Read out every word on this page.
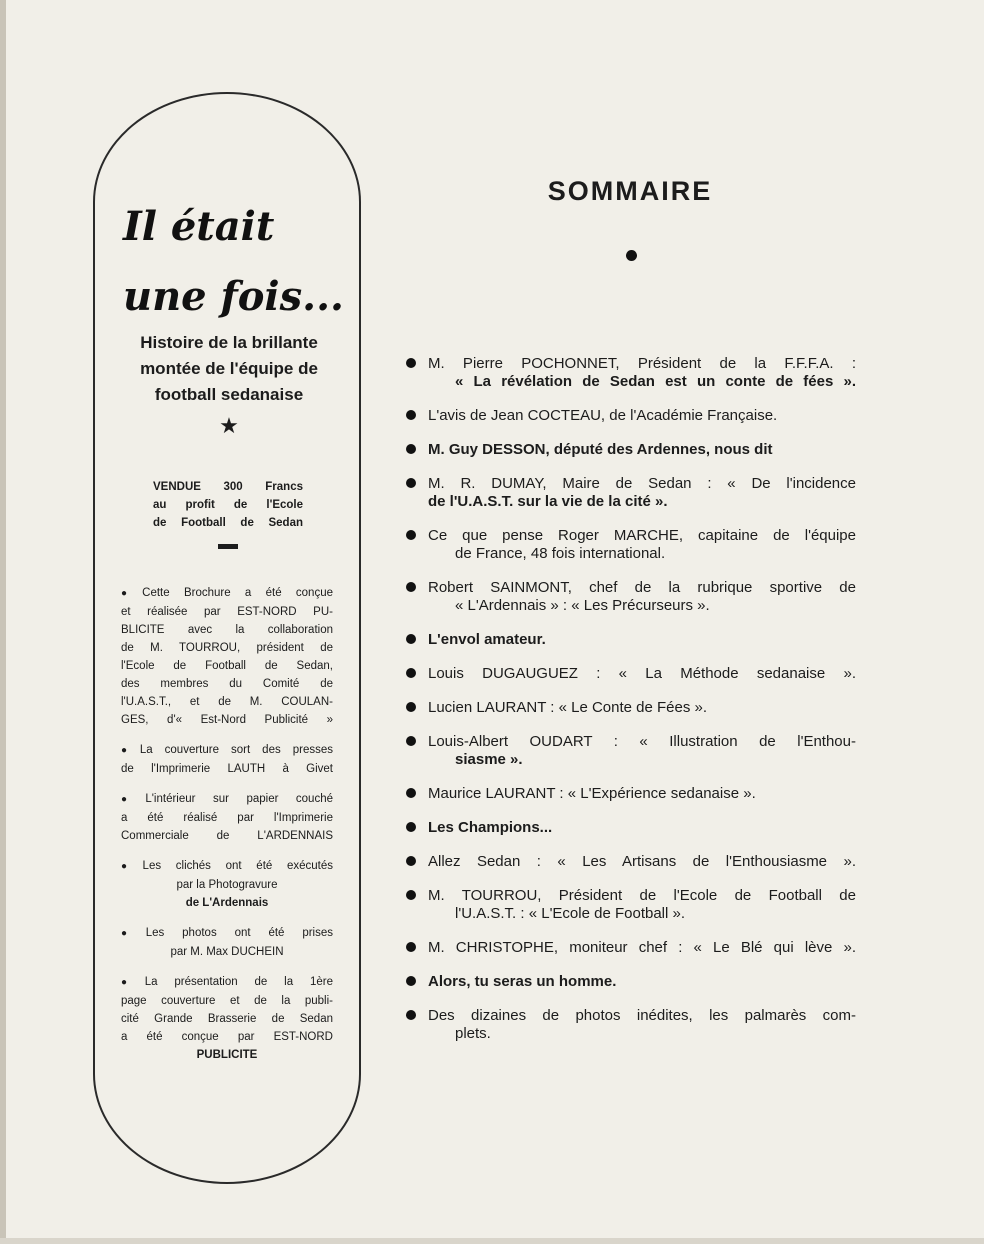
Il était
une fois...
Histoire de la brillante
montée de l'équipe de
football sedanaise
★
VENDUE 300 Francs
au profit de l'Ecole
de Football de Sedan
● Cette Brochure a été conçue
et réalisée par EST-NORD PU-
BLICITE avec la collaboration
de M. TOURROU, président de
l'Ecole de Football de Sedan,
des membres du Comité de
l'U.A.S.T., et de M. COULAN-
GES, d'« Est-Nord Publicité »
● La couverture sort des presses
de l'Imprimerie LAUTH à Givet
● L'intérieur sur papier couché
a été réalisé par l'Imprimerie
Commerciale de L'ARDENNAIS
● Les clichés ont été exécutés
par la Photogravure
de L'Ardennais
● Les photos ont été prises
par M. Max DUCHEIN
● La présentation de la 1ère
page couverture et de la publi-
cité Grande Brasserie de Sedan
a été conçue par EST-NORD
PUBLICITE
SOMMAIRE
M. Pierre POCHONNET, Président de la F.F.F.A. :
« La révélation de Sedan est un conte de fées ».
L'avis de Jean COCTEAU, de l'Académie Française.
M. Guy DESSON, député des Ardennes, nous dit
M. R. DUMAY, Maire de Sedan : « De l'incidence
de l'U.A.S.T. sur la vie de la cité ».
Ce que pense Roger MARCHE, capitaine de l'équipe
de France, 48 fois international.
Robert SAINMONT, chef de la rubrique sportive de
« L'Ardennais » : « Les Précurseurs ».
L'envol amateur.
Louis DUGAUGUEZ : « La Méthode sedanaise ».
Lucien LAURANT : « Le Conte de Fées ».
Louis-Albert OUDART : « Illustration de l'Enthou-
siasme ».
Maurice LAURANT : « L'Expérience sedanaise ».
Les Champions...
Allez Sedan : « Les Artisans de l'Enthousiasme ».
M. TOURROU, Président de l'Ecole de Football de
l'U.A.S.T. : « L'Ecole de Football ».
M. CHRISTOPHE, moniteur chef : « Le Blé qui lève ».
Alors, tu seras un homme.
Des dizaines de photos inédites, les palmarès com-
plets.
